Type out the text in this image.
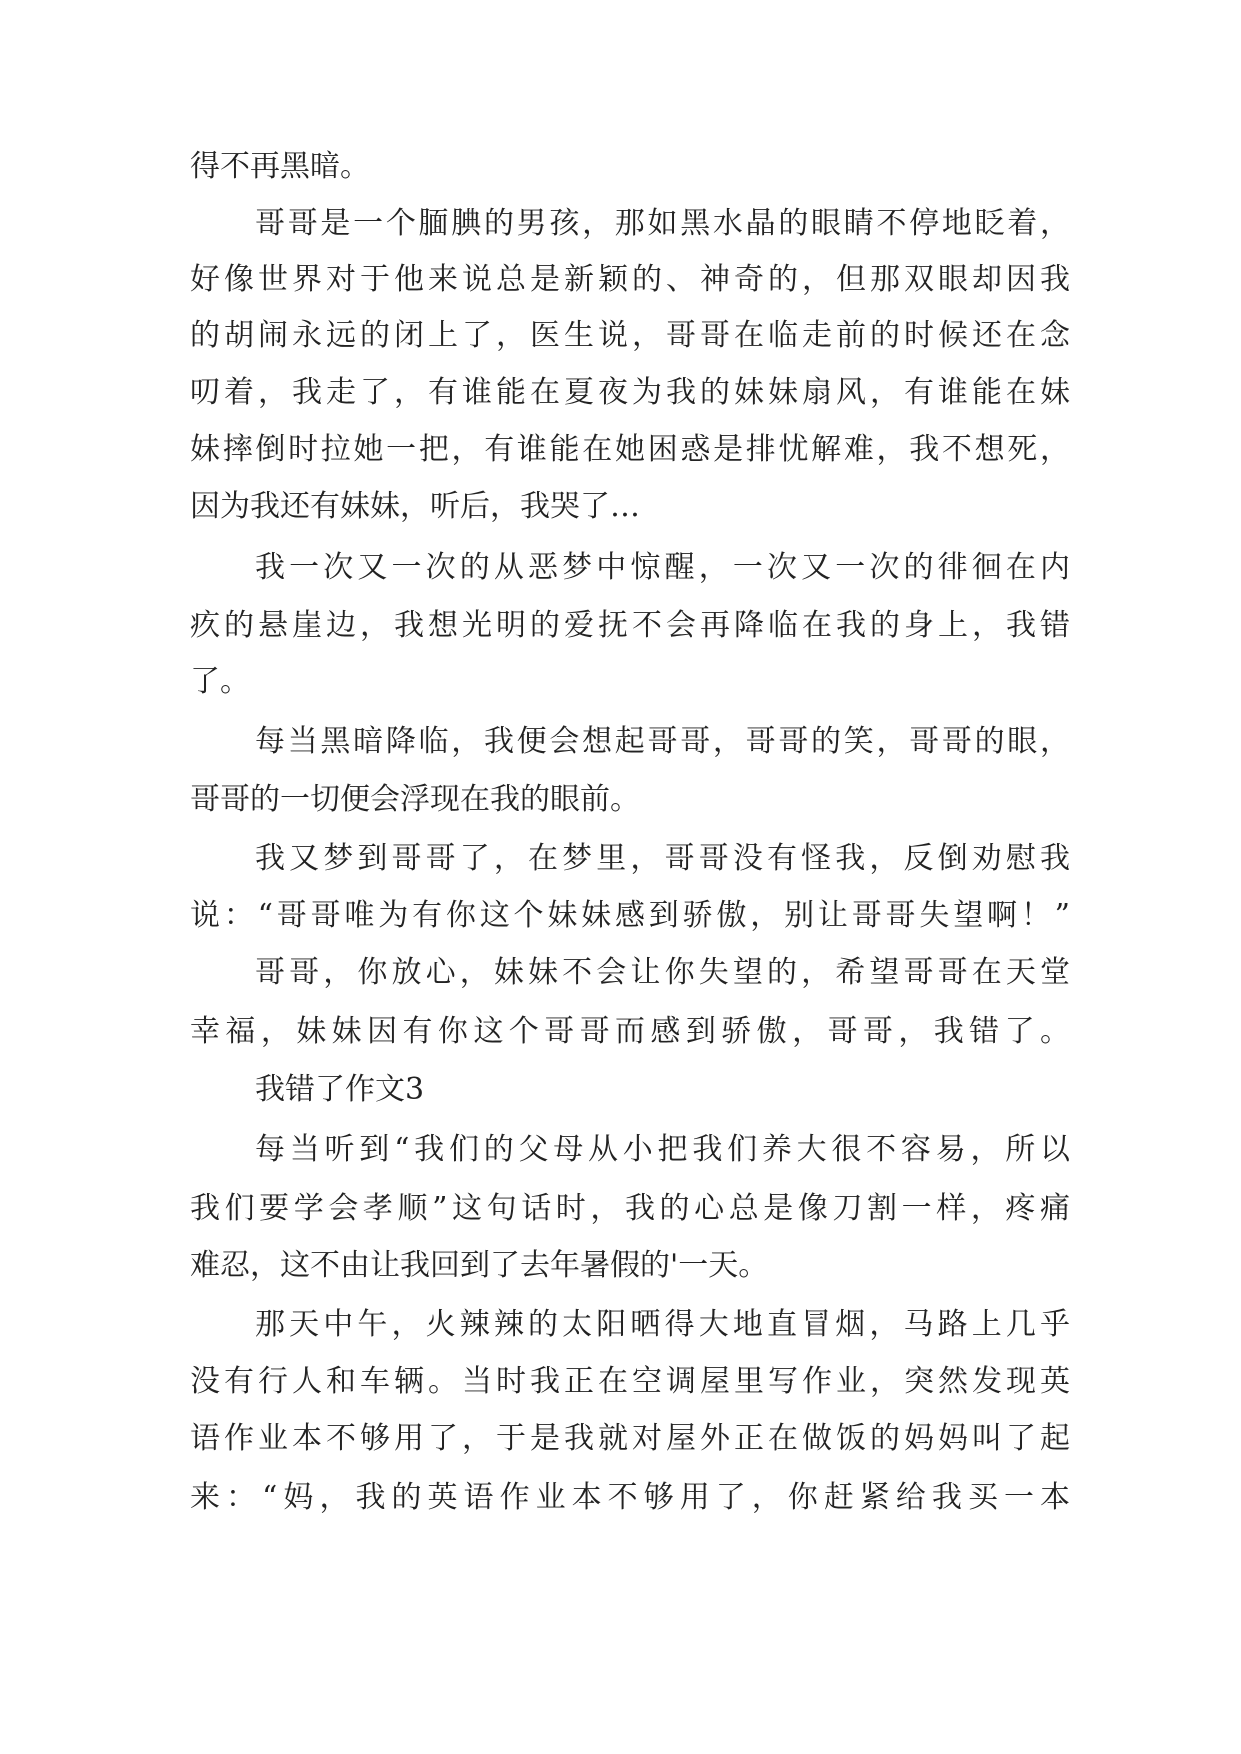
得不再黑暗。
哥哥是一个腼腆的男孩，那如黑水晶的眼睛不停地眨着，
好像世界对于他来说总是新颖的、神奇的，但那双眼却因我
的胡闹永远的闭上了，医生说，哥哥在临走前的时候还在念
叨着，我走了，有谁能在夏夜为我的妹妹扇风，有谁能在妹
妹摔倒时拉她一把，有谁能在她困惑是排忧解难，我不想死，
因为我还有妹妹，听后，我哭了…
我一次又一次的从恶梦中惊醒，一次又一次的徘徊在内
疚的悬崖边，我想光明的爱抚不会再降临在我的身上，我错
了。
每当黑暗降临，我便会想起哥哥，哥哥的笑，哥哥的眼，
哥哥的一切便会浮现在我的眼前。
我又梦到哥哥了，在梦里，哥哥没有怪我，反倒劝慰我
说：“哥哥唯为有你这个妹妹感到骄傲，别让哥哥失望啊！”
哥哥，你放心，妹妹不会让你失望的，希望哥哥在天堂
幸福，妹妹因有你这个哥哥而感到骄傲，哥哥，我错了。
我错了作文3
每当听到“我们的父母从小把我们养大很不容易，所以
我们要学会孝顺”这句话时，我的心总是像刀割一样，疼痛
难忍，这不由让我回到了去年暑假的'一天。
那天中午，火辣辣的太阳晒得大地直冒烟，马路上几乎
没有行人和车辆。当时我正在空调屋里写作业，突然发现英
语作业本不够用了，于是我就对屋外正在做饭的妈妈叫了起
来：“妈，我的英语作业本不够用了，你赶紧给我买一本
